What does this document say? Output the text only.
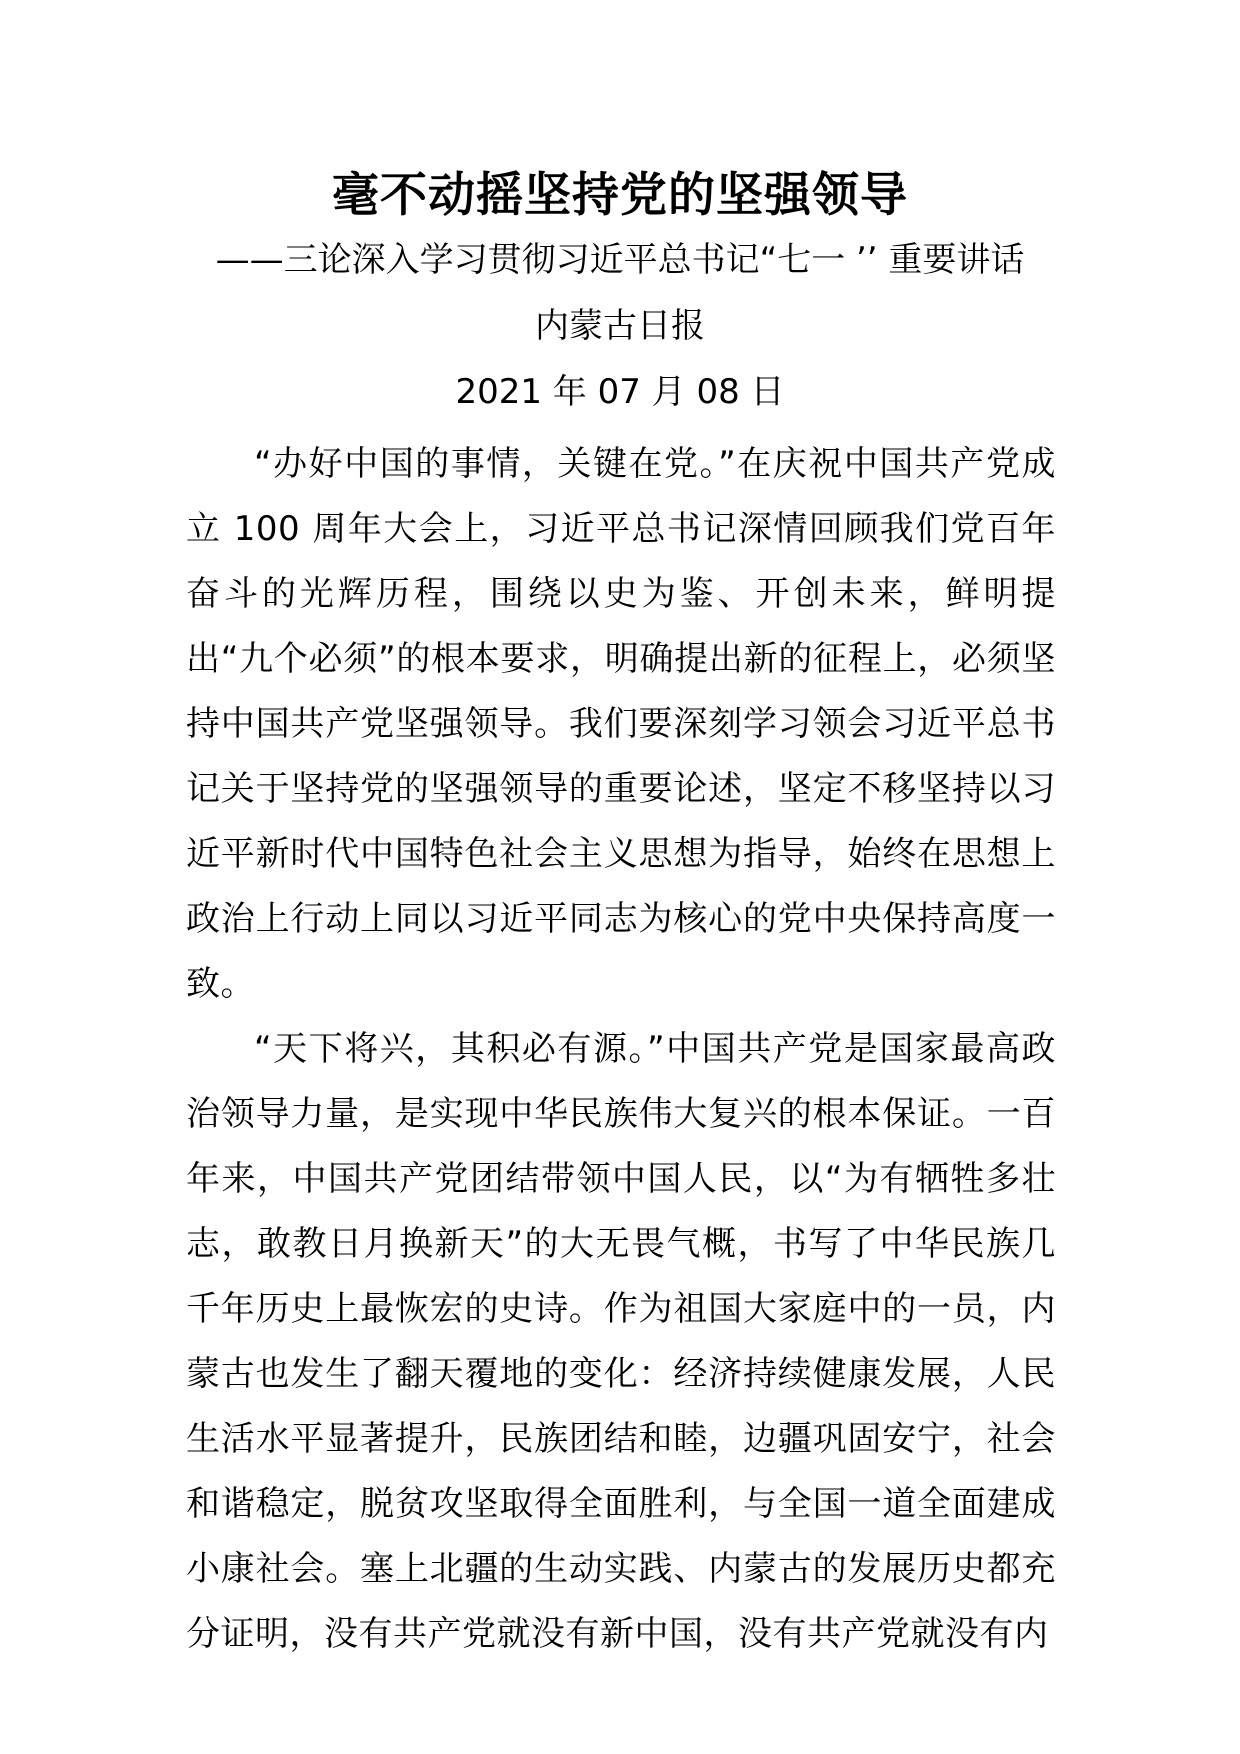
毫不动摇坚持党的坚强领导
——三论深入学习贯彻习近平总书记“七一 ’’ 重要讲话
内蒙古日报
2021 年 07 月 08 日

“办好中国的事情，关键在党。”在庆祝中国共产党成立 100 周年大会上，习近平总书记深情回顾我们党百年奋斗的光辉历程，围绕以史为鉴、开创未来，鲜明提出“九个必须”的根本要求，明确提出新的征程上，必须坚持中国共产党坚强领导。我们要深刻学习领会习近平总书记关于坚持党的坚强领导的重要论述，坚定不移坚持以习近平新时代中国特色社会主义思想为指导，始终在思想上政治上行动上同以习近平同志为核心的党中央保持高度一致。

“天下将兴，其积必有源。”中国共产党是国家最高政治领导力量，是实现中华民族伟大复兴的根本保证。一百年来，中国共产党团结带领中国人民，以“为有牺牲多壮志，敢教日月换新天”的大无畏气概，书写了中华民族几千年历史上最恢宏的史诗。作为祖国大家庭中的一员，内蒙古也发生了翻天覆地的变化：经济持续健康发展，人民生活水平显著提升，民族团结和睦，边疆巩固安宁，社会和谐稳定，脱贫攻坚取得全面胜利，与全国一道全面建成小康社会。塞上北疆的生动实践、内蒙古的发展历史都充分证明，没有共产党就没有新中国，没有共产党就没有内
